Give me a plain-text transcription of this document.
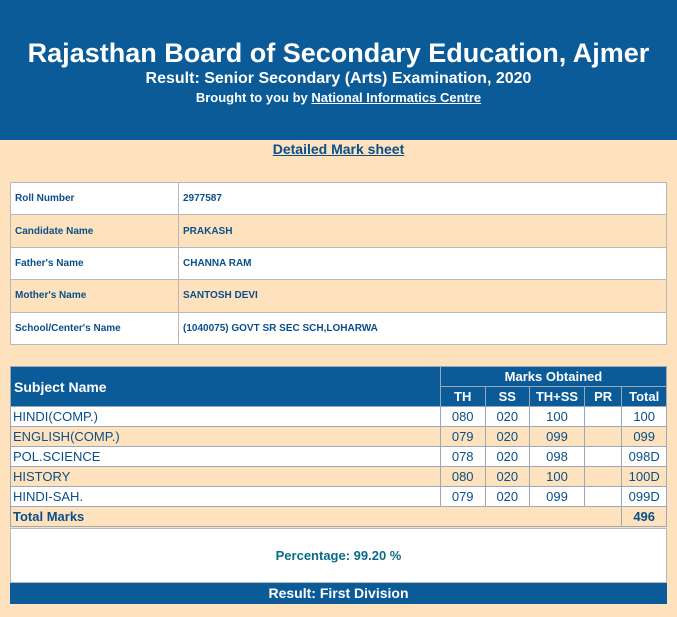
Rajasthan Board of Secondary Education, Ajmer
Result: Senior Secondary (Arts) Examination, 2020
Brought to you by National Informatics Centre
Detailed Mark sheet
Roll Number	2977587
Candidate Name	PRAKASH
Father's Name	CHANNA RAM
Mother's Name	SANTOSH DEVI
School/Center's Name	(1040075) GOVT SR SEC SCH,LOHARWA
Subject Name	Marks Obtained				
	TH	SS	TH+SS	PR	Total
HINDI(COMP.)	080	020	100		100
ENGLISH(COMP.)	079	020	099		099
POL.SCIENCE	078	020	098		098D
HISTORY	080	020	100		100D
HINDI-SAH.	079	020	099		099D
Total Marks					496
Percentage: 99.20 %
Result: First Division
